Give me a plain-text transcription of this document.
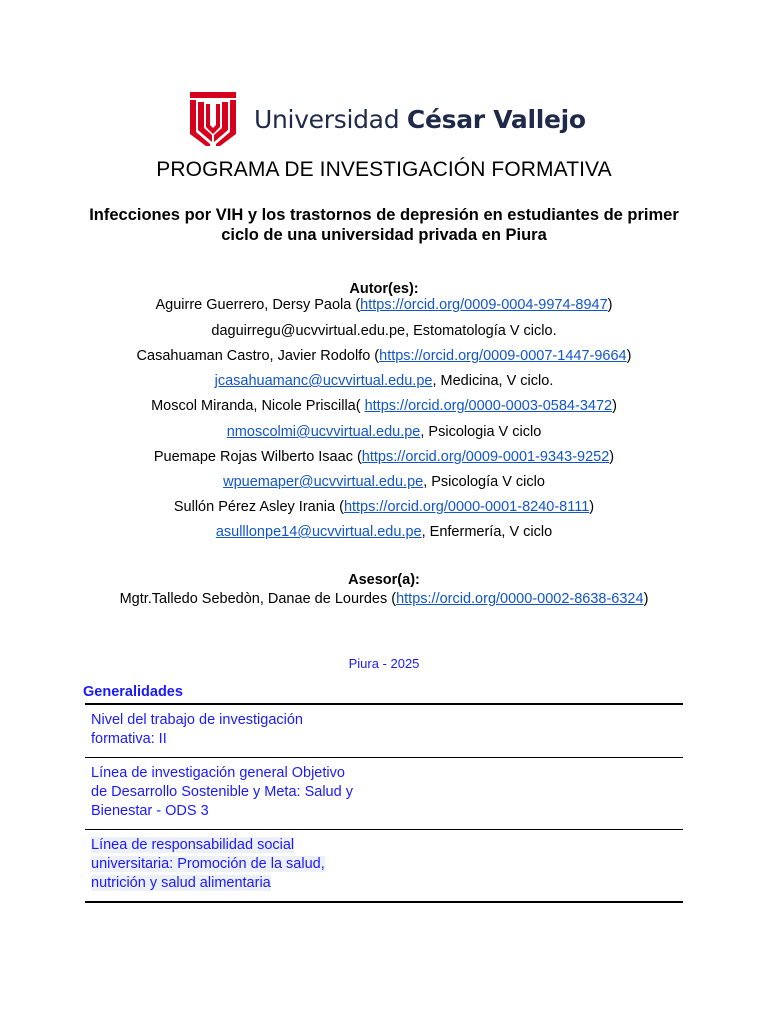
Universidad César Vallejo
PROGRAMA DE INVESTIGACIÓN FORMATIVA
Infecciones por VIH y los trastornos de depresión en estudiantes de primer ciclo de una universidad privada en Piura
Autor(es):
Aguirre Guerrero, Dersy Paola (https://orcid.org/0009-0004-9974-8947)
daguirregu@ucvvirtual.edu.pe, Estomatología V ciclo.
Casahuaman Castro, Javier Rodolfo (https://orcid.org/0009-0007-1447-9664)
jcasahuamanc@ucvvirtual.edu.pe, Medicina, V ciclo.
Moscol Miranda, Nicole Priscilla( https://orcid.org/0000-0003-0584-3472)
nmoscolmi@ucvvirtual.edu.pe, Psicologia V ciclo
Puemape Rojas Wilberto Isaac (https://orcid.org/0009-0001-9343-9252)
wpuemaper@ucvvirtual.edu.pe, Psicología V ciclo
Sullón Pérez Asley Irania (https://orcid.org/0000-0001-8240-8111)
asulllonpe14@ucvvirtual.edu.pe, Enfermería, V ciclo
Asesor(a):
Mgtr.Talledo Sebedòn, Danae de Lourdes (https://orcid.org/0000-0002-8638-6324)
Piura - 2025
Generalidades
Nivel del trabajo de investigación formativa: II
Línea de investigación general Objetivo de Desarrollo Sostenible y Meta: Salud y Bienestar - ODS 3
Línea de responsabilidad social universitaria: Promoción de la salud, nutrición y salud alimentaria
